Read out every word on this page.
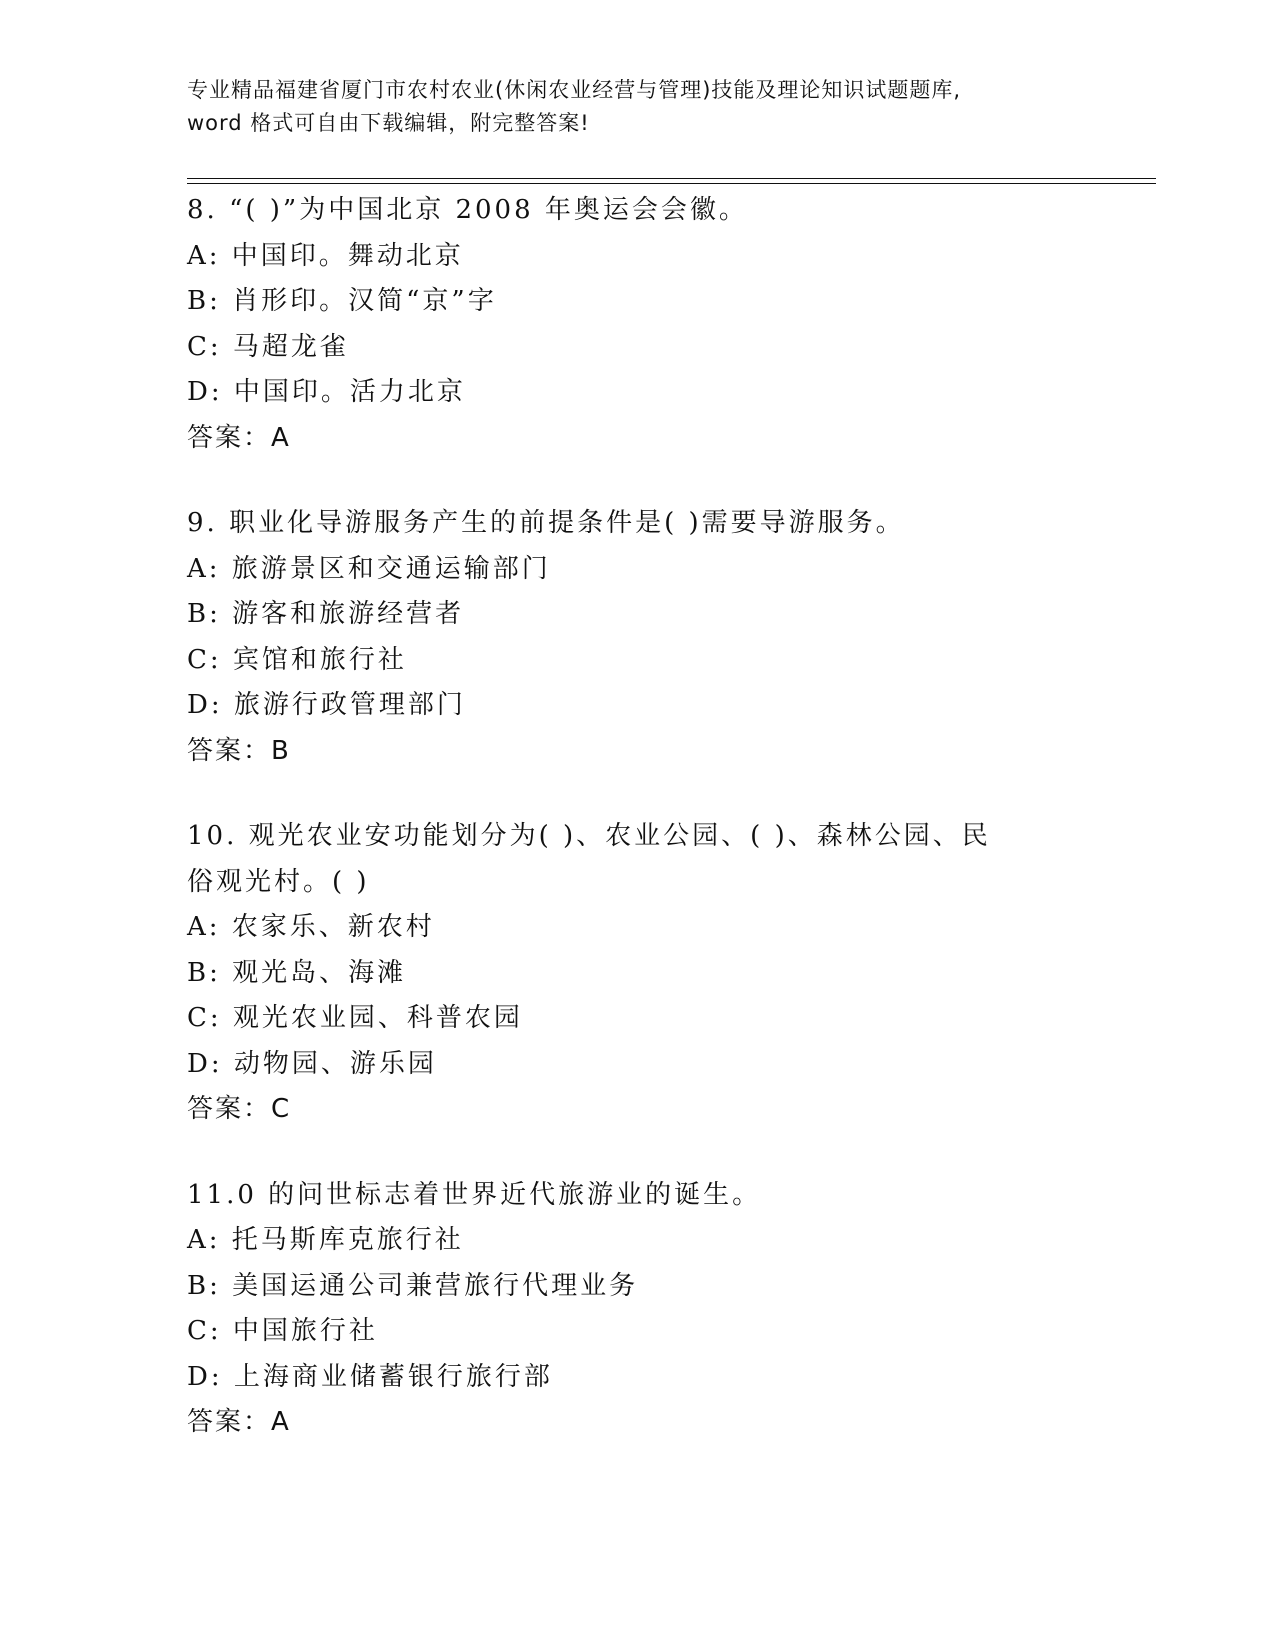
专业精品福建省厦门市农村农业(休闲农业经营与管理)技能及理论知识试题题库,
word 格式可自由下载编辑，附完整答案!
8. “( )”为中国北京 2008 年奥运会会徽。
A: 中国印。舞动北京
B: 肖形印。汉简“京”字
C: 马超龙雀
D: 中国印。活力北京
答案：A
9. 职业化导游服务产生的前提条件是( )需要导游服务。
A: 旅游景区和交通运输部门
B: 游客和旅游经营者
C: 宾馆和旅行社
D: 旅游行政管理部门
答案：B
10. 观光农业安功能划分为( )、农业公园、( )、森林公园、民
俗观光村。( )
A: 农家乐、新农村
B: 观光岛、海滩
C: 观光农业园、科普农园
D: 动物园、游乐园
答案：C
11.0 的问世标志着世界近代旅游业的诞生。
A: 托马斯库克旅行社
B: 美国运通公司兼营旅行代理业务
C: 中国旅行社
D: 上海商业储蓄银行旅行部
答案：A
